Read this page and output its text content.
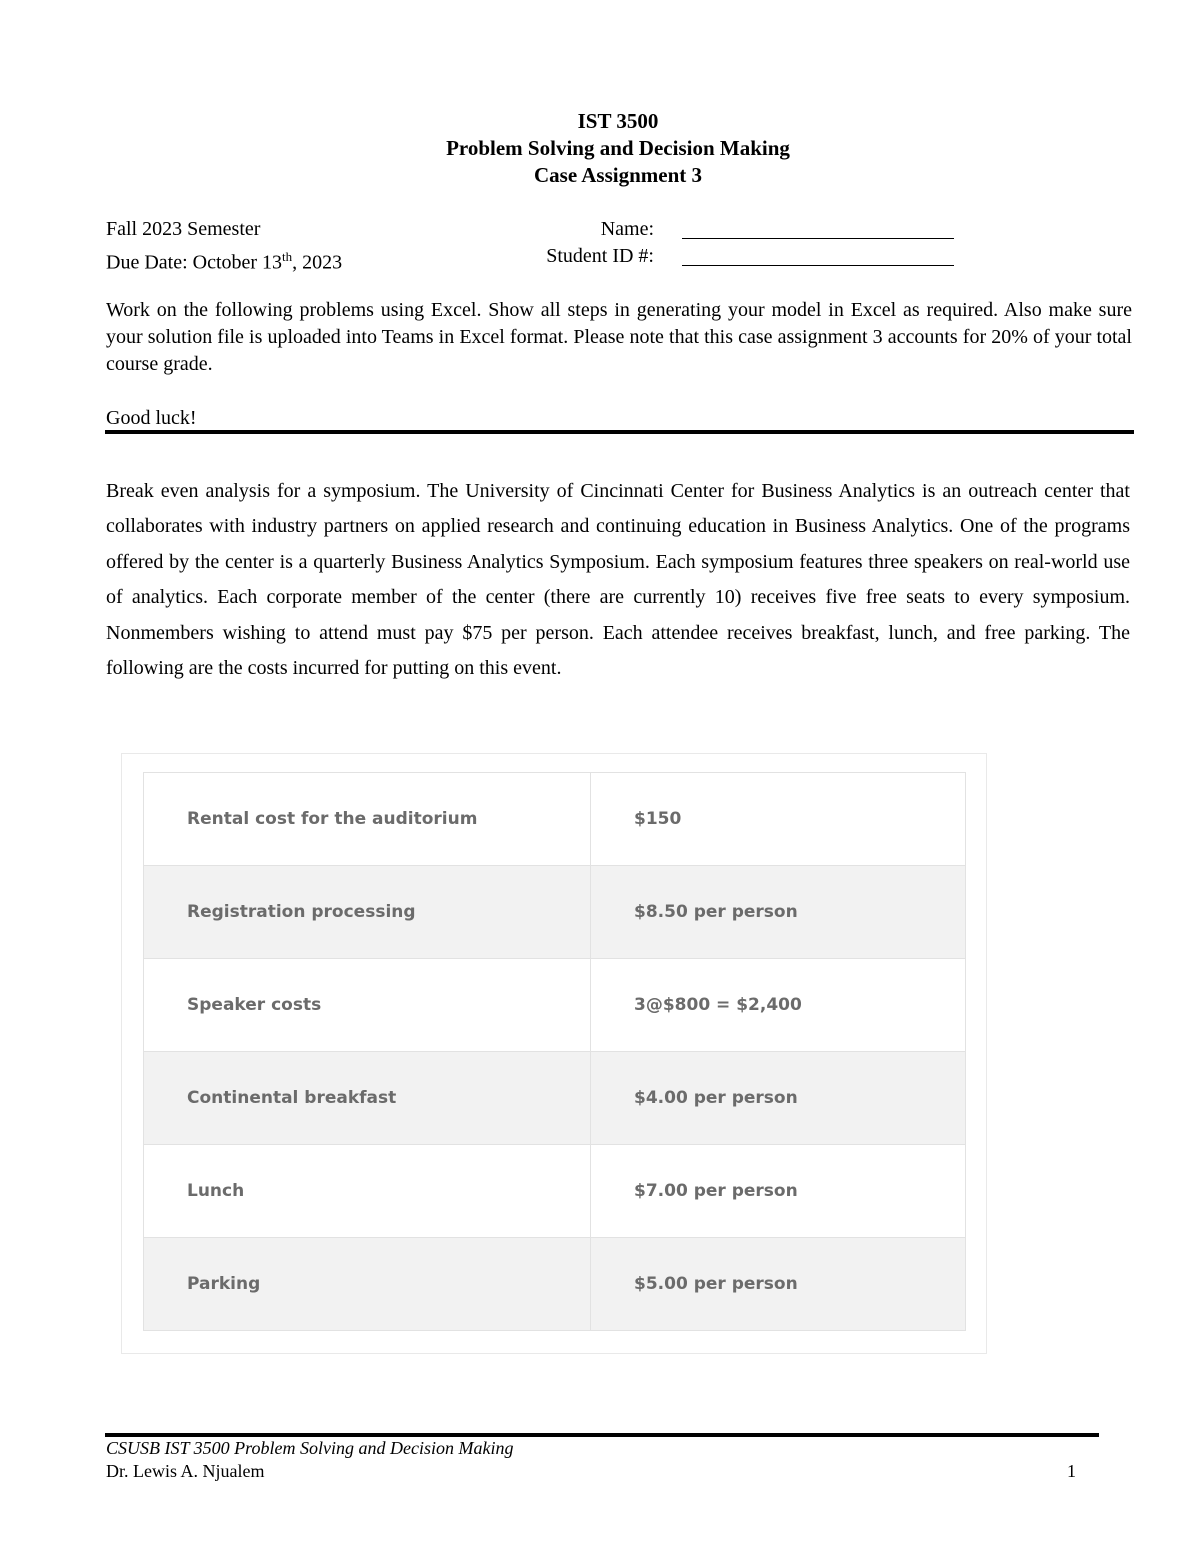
IST 3500
Problem Solving and Decision Making
Case Assignment 3
Fall 2023 Semester	Name:
Due Date: October 13th, 2023	Student ID #:

Work on the following problems using Excel. Show all steps in generating your model in Excel as required. Also make sure your solution file is uploaded into Teams in Excel format. Please note that this case assignment 3 accounts for 20% of your total course grade.

Good luck!

Break even analysis for a symposium. The University of Cincinnati Center for Business Analytics is an outreach center that collaborates with industry partners on applied research and continuing education in Business Analytics. One of the programs offered by the center is a quarterly Business Analytics Symposium. Each symposium features three speakers on real-world use of analytics. Each corporate member of the center (there are currently 10) receives five free seats to every symposium. Nonmembers wishing to attend must pay $75 per person. Each attendee receives breakfast, lunch, and free parking. The following are the costs incurred for putting on this event.

Rental cost for the auditorium	$150
Registration processing	$8.50 per person
Speaker costs	3@$800 = $2,400
Continental breakfast	$4.00 per person
Lunch	$7.00 per person
Parking	$5.00 per person
CSUSB IST 3500 Problem Solving and Decision Making
Dr. Lewis A. Njualem	1
